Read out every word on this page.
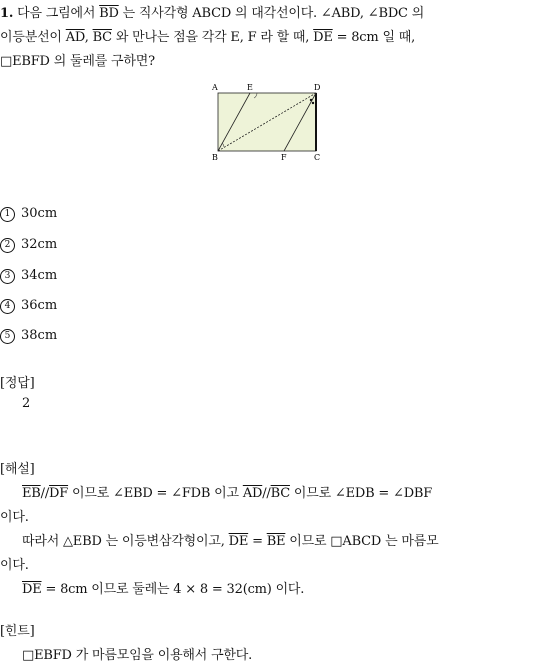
1. 다음 그림에서 $\overline{BD}$ 는 직사각형 ABCD 의 대각선이다. ∠ABD, ∠BDC 의
이등분선이 $\overline{AD}$, $\overline{BC}$ 와 만나는 점을 각각 E, F 라 할 때, $\overline{DE} = 8cm$ 일 때,
□EBFD 의 둘레를 구하면?
A	E	D
B	F	C
1 30cm
2 32cm
3 34cm
4 36cm
5 38cm
[정답]
2
[해설]
$\overline{EB}//\overline{DF}$ 이므로 ∠EBD = ∠FDB 이고 $\overline{AD}//\overline{BC}$ 이므로 ∠EDB = ∠DBF
이다.
따라서 △EBD 는 이등변삼각형이고, $\overline{DE} = \overline{BE}$ 이므로 □ABCD 는 마름모
이다.
$\overline{DE} = 8cm$ 이므로 둘레는 4 × 8 = 32(cm) 이다.
[힌트]
□EBFD 가 마름모임을 이용해서 구한다.
